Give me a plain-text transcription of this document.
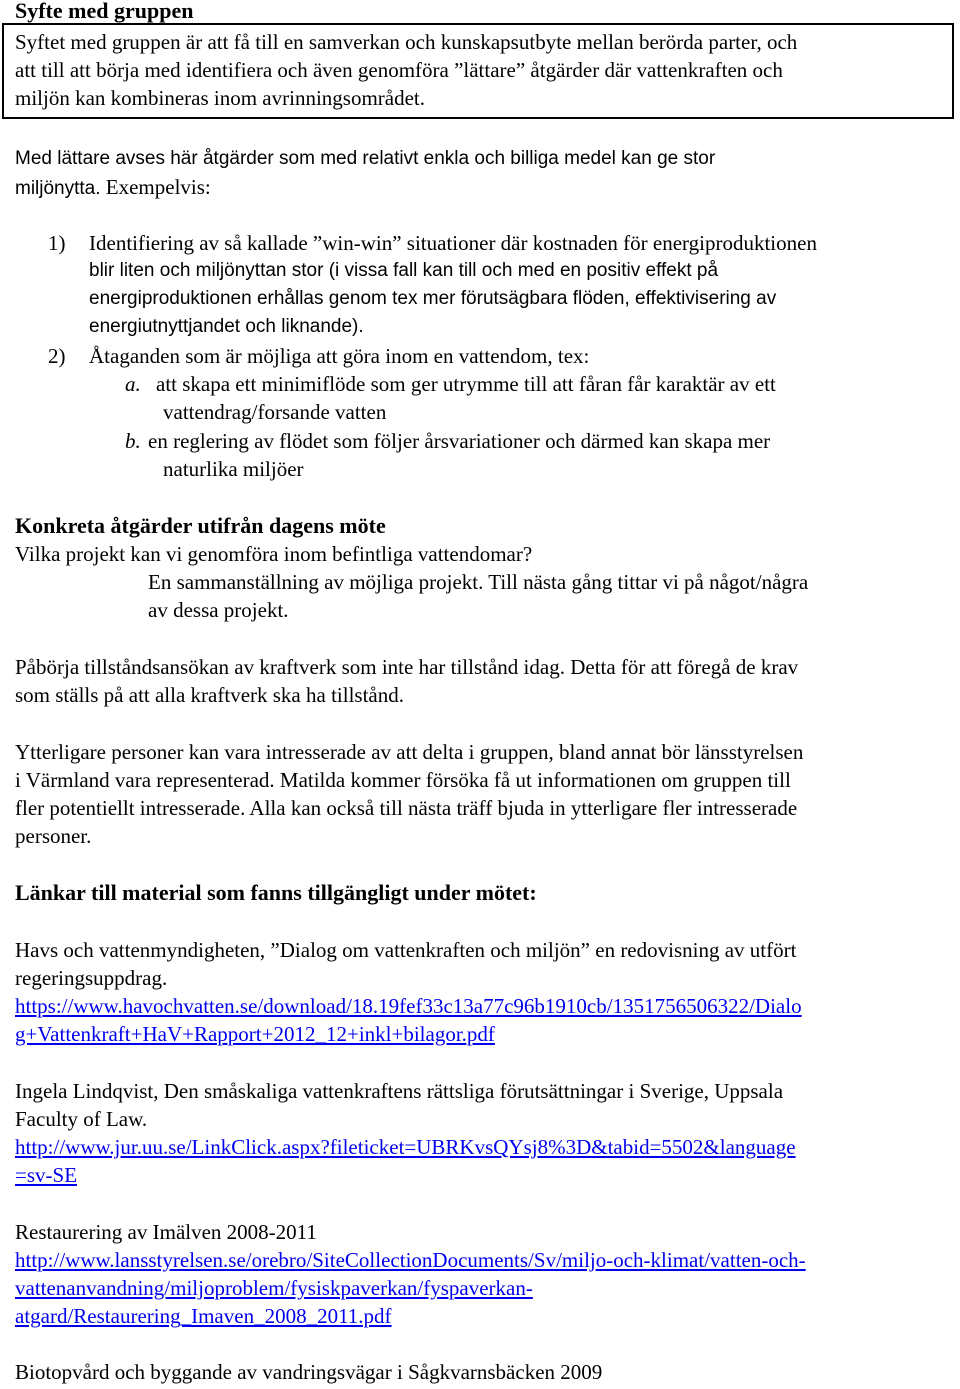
Syfte med gruppen
Syftet med gruppen är att få till en samverkan och kunskapsutbyte mellan berörda parter, och
att till att börja med identifiera och även genomföra ”lättare” åtgärder där vattenkraften och
miljön kan kombineras inom avrinningsområdet.
Med lättare avses här åtgärder som med relativt enkla och billiga medel kan ge stor
miljönytta. Exempelvis:
1) Identifiering av så kallade ”win-win” situationer där kostnaden för energiproduktionen
blir liten och miljönyttan stor (i vissa fall kan till och med en positiv effekt på
energiproduktionen erhållas genom tex mer förutsägbara flöden, effektivisering av
energiutnyttjandet och liknande).
2) Åtaganden som är möjliga att göra inom en vattendom, tex:
a. att skapa ett minimiflöde som ger utrymme till att fåran får karaktär av ett
vattendrag/forsande vatten
b. en reglering av flödet som följer årsvariationer och därmed kan skapa mer
naturlika miljöer
Konkreta åtgärder utifrån dagens möte
Vilka projekt kan vi genomföra inom befintliga vattendomar?
En sammanställning av möjliga projekt. Till nästa gång tittar vi på något/några
av dessa projekt.
Påbörja tillståndsansökan av kraftverk som inte har tillstånd idag. Detta för att föregå de krav
som ställs på att alla kraftverk ska ha tillstånd.
Ytterligare personer kan vara intresserade av att delta i gruppen, bland annat bör länsstyrelsen
i Värmland vara representerad. Matilda kommer försöka få ut informationen om gruppen till
fler potentiellt intresserade. Alla kan också till nästa träff bjuda in ytterligare fler intresserade
personer.
Länkar till material som fanns tillgängligt under mötet:
Havs och vattenmyndigheten, ”Dialog om vattenkraften och miljön” en redovisning av utfört
regeringsuppdrag.
https://www.havochvatten.se/download/18.19fef33c13a77c96b1910cb/1351756506322/Dialo
g+Vattenkraft+HaV+Rapport+2012_12+inkl+bilagor.pdf
Ingela Lindqvist, Den småskaliga vattenkraftens rättsliga förutsättningar i Sverige, Uppsala
Faculty of Law.
http://www.jur.uu.se/LinkClick.aspx?fileticket=UBRKvsQYsj8%3D&tabid=5502&language
=sv-SE
Restaurering av Imälven 2008-2011
http://www.lansstyrelsen.se/orebro/SiteCollectionDocuments/Sv/miljo-och-klimat/vatten-och-
vattenanvandning/miljoproblem/fysiskpaverkan/fyspaverkan-
atgard/Restaurering_Imaven_2008_2011.pdf
Biotopvård och byggande av vandringsvägar i Sågkvarnsbäcken 2009
